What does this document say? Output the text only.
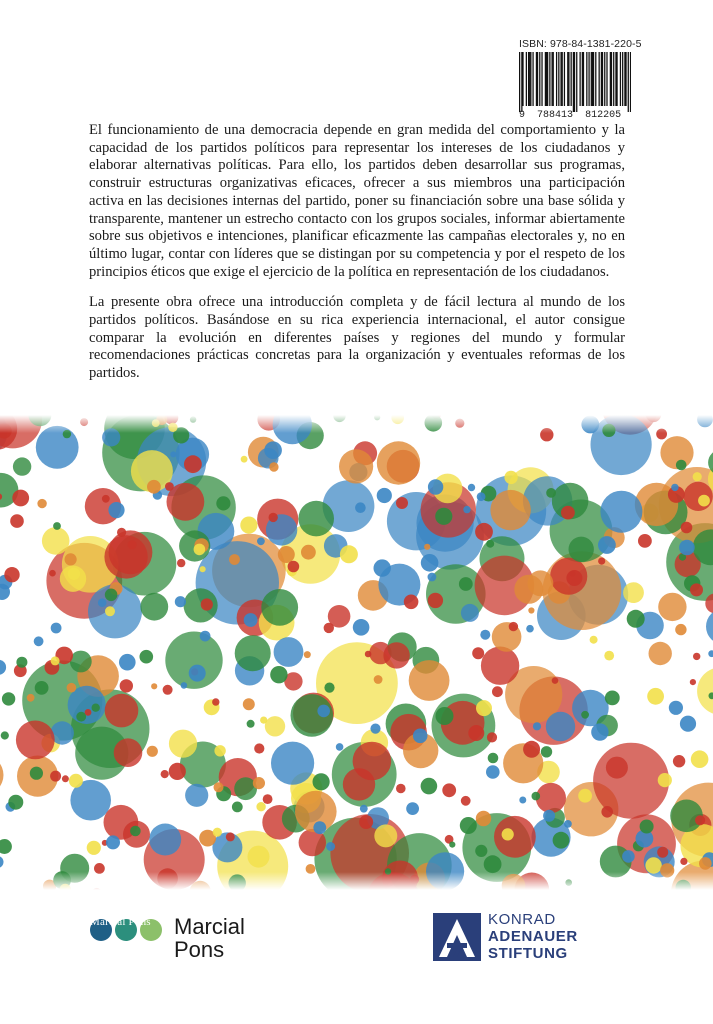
ISBN: 978-84-1381-220-5
9 788413 812205

El funcionamiento de una democracia depende en gran medida del comportamiento y la capacidad de los partidos políticos para representar los intereses de los ciudadanos y elaborar alternativas políticas. Para ello, los partidos deben desarrollar sus programas, construir estructuras organizativas eficaces, ofrecer a sus miembros una participación activa en las decisiones internas del partido, poner su financiación sobre una base sólida y transparente, mantener un estrecho contacto con los grupos sociales, informar abiertamente sobre sus objetivos e intenciones, planificar eficazmente las campañas electorales y, no en último lugar, contar con líderes que se distingan por su competencia y por el respeto de los principios éticos que exige el ejercicio de la política en representación de los ciudadanos.

La presente obra ofrece una introducción completa y de fácil lectura al mundo de los partidos políticos. Basándose en su rica experiencia internacional, el autor consigue comparar la evolución en diferentes países y regiones del mundo y formular recomendaciones prácticas concretas para la organización y eventuales reformas de los partidos.

Marcial Pons Marcial
Pons
KONRAD
ADENAUER
STIFTUNG
